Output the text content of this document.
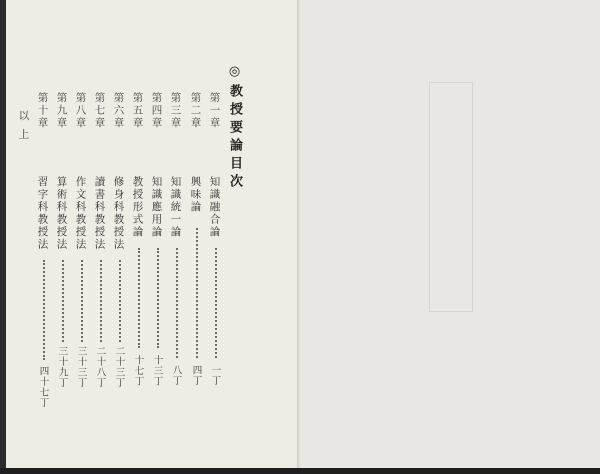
◎教授要論目次
第一章
知識融合論
一丁
第二章
興味論
四丁
第三章
知識統一論
八丁
第四章
知識應用論
十三丁
第五章
教授形式論
十七丁
第六章
修身科教授法
二十三丁
第七章
讀書科教授法
二十八丁
第八章
作文科教授法
三十三丁
第九章
算術科教授法
三十九丁
第十章
習字科教授法
四十七丁
以上
